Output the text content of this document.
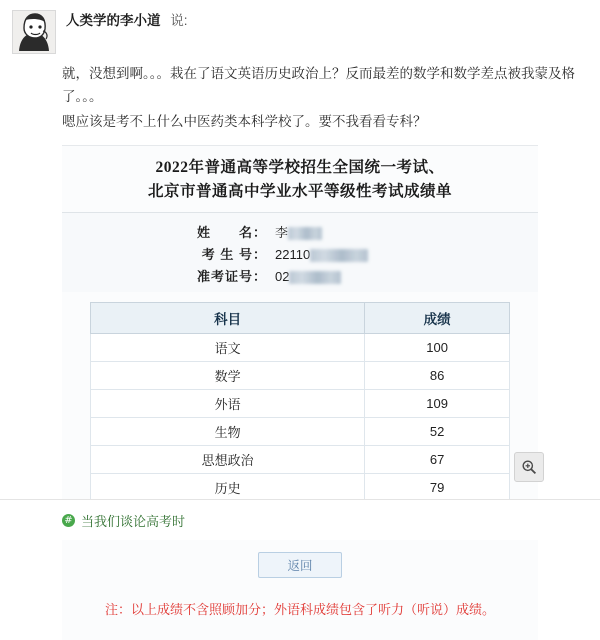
人类学的李小道 说:

就，没想到啊。。。栽在了语文英语历史政治上？反而最差的数学和数学差点被我蒙及格了。。。

嗯应该是考不上什么中医药类本科学校了。要不我看看专科？

2022年普通高等学校招生全国统一考试、
北京市普通高中学业水平等级性考试成绩单
姓　　名： 李
考 生 号： 22110
准考证号： 02
科目	成绩
语文	100
数学	86
外语	109
生物	52
思想政治	67
历史	79

返回
注：以上成绩不含照顾加分；外语科成绩包含了听力（听说）成绩。
# 当我们谈论高考时
